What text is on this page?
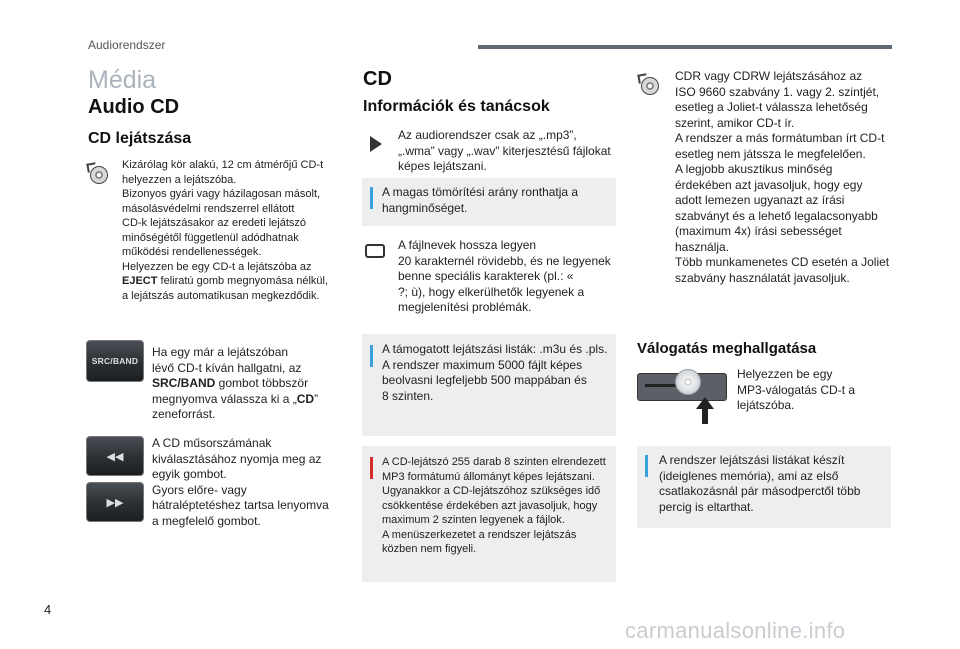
Audiorendszer
Média
Audio CD
CD lejátszása
Kizárólag kör alakú, 12 cm átmérőjű CD-t
helyezzen a lejátszóba.
Bizonyos gyári vagy házilagosan másolt,
másolásvédelmi rendszerrel ellátott
CD-k lejátszásakor az eredeti lejátszó
minőségétől függetlenül adódhatnak
működési rendellenességek.
Helyezzen be egy CD-t a lejátszóba az
EJECT feliratú gomb megnyomása nélkül,
a lejátszás automatikusan megkezdődik.
SRC/BAND
Ha egy már a lejátszóban
lévő CD-t kíván hallgatni, az
SRC/BAND gombot többször
megnyomva válassza ki a „CD”
zeneforrást.
◀◀
▶▶
A CD műsorszámának
kiválasztásához nyomja meg az
egyik gombot.
Gyors előre- vagy
hátraléptetéshez tartsa lenyomva
a megfelelő gombot.
CD
Információk és tanácsok
Az audiorendszer csak az „.mp3”,
„.wma” vagy „.wav” kiterjesztésű fájlokat
képes lejátszani.
A magas tömörítési arány ronthatja a
hangminőséget.
A fájlnevek hossza legyen
20 karakternél rövidebb, és ne legyenek
benne speciális karakterek (pl.: «
?; ù), hogy elkerülhetők legyenek a
megjelenítési problémák.
A támogatott lejátszási listák: .m3u és .pls.
A rendszer maximum 5000 fájlt képes
beolvasni legfeljebb 500 mappában és
8 szinten.
A CD-lejátszó 255 darab 8 szinten elrendezett
MP3 formátumú állományt képes lejátszani.
Ugyanakkor a CD-lejátszóhoz szükséges idő
csökkentése érdekében azt javasoljuk, hogy
maximum 2 szinten legyenek a fájlok.
A menüszerkezetet a rendszer lejátszás
közben nem figyeli.
CDR vagy CDRW lejátszásához az
ISO 9660 szabvány 1. vagy 2. szintjét,
esetleg a Joliet-t válassza lehetőség
szerint, amikor CD-t ír.
A rendszer a más formátumban írt CD-t
esetleg nem játssza le megfelelően.
A legjobb akusztikus minőség
érdekében azt javasoljuk, hogy egy
adott lemezen ugyanazt az írási
szabványt és a lehető legalacsonyabb
(maximum 4x) írási sebességet
használja.
Több munkamenetes CD esetén a Joliet
szabvány használatát javasoljuk.
Válogatás meghallgatása
Helyezzen be egy
MP3-válogatás CD-t a
lejátszóba.
A rendszer lejátszási listákat készít
(ideiglenes memória), ami az első
csatlakozásnál pár másodperctől több
percig is eltarthat.
4
carmanualsonline.info
